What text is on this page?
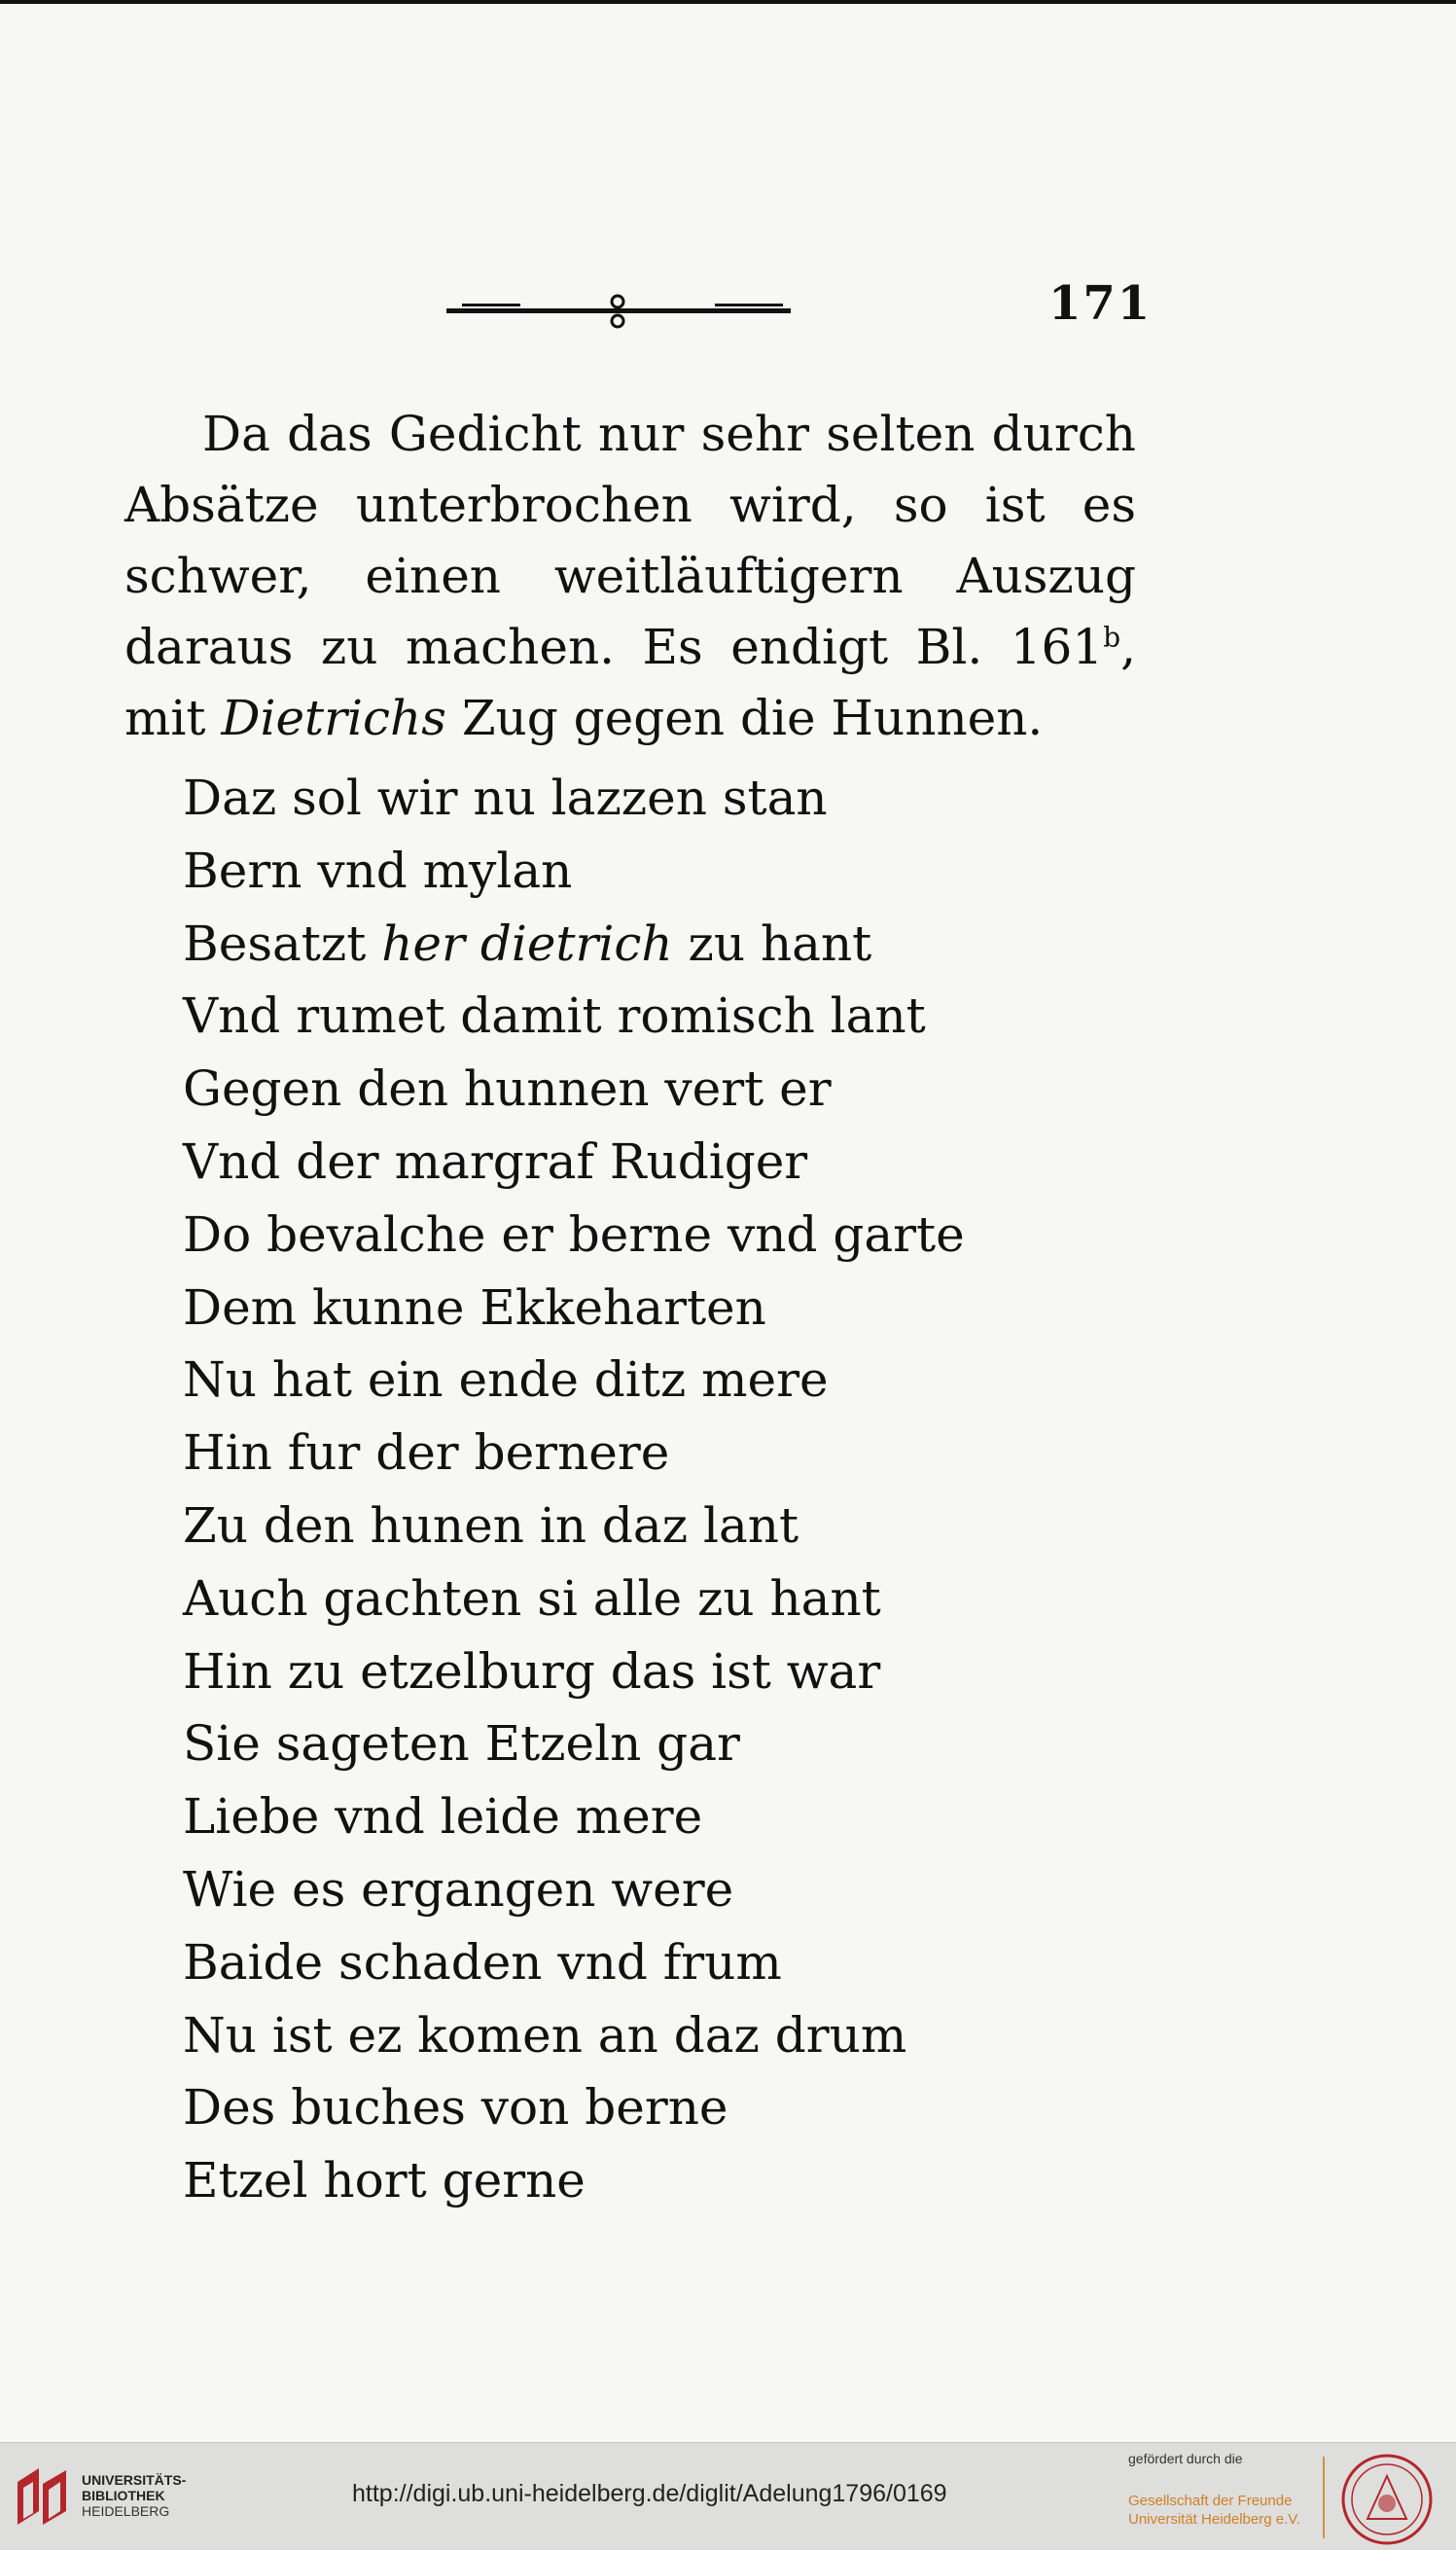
171

Da das Gedicht nur sehr selten durch Absätze unterbrochen wird, so ist es schwer, einen weitläuftigern Auszug daraus zu machen. Es endigt Bl. 161$^b$, mit Dietrichs Zug gegen die Hunnen.

Daz sol wir nu lazzen stan
Bern vnd mylan
Besatzt her dietrich zu hant
Vnd rumet damit romisch lant
Gegen den hunnen vert er
Vnd der margraf Rudiger
Do bevalche er berne vnd garte
Dem kunne Ekkeharten
Nu hat ein ende ditz mere
Hin fur der bernere
Zu den hunen in daz lant
Auch gachten si alle zu hant
Hin zu etzelburg das ist war
Sie sageten Etzeln gar
Liebe vnd leide mere
Wie es ergangen were
Baide schaden vnd frum
Nu ist ez komen an daz drum
Des buches von berne
Etzel hort gerne
UNIVERSITÄTS-
BIBLIOTHEK
HEIDELBERG
http://digi.ub.uni-heidelberg.de/diglit/Adelung1796/0169
gefördert durch die
Gesellschaft der Freunde
Universität Heidelberg e.V.
